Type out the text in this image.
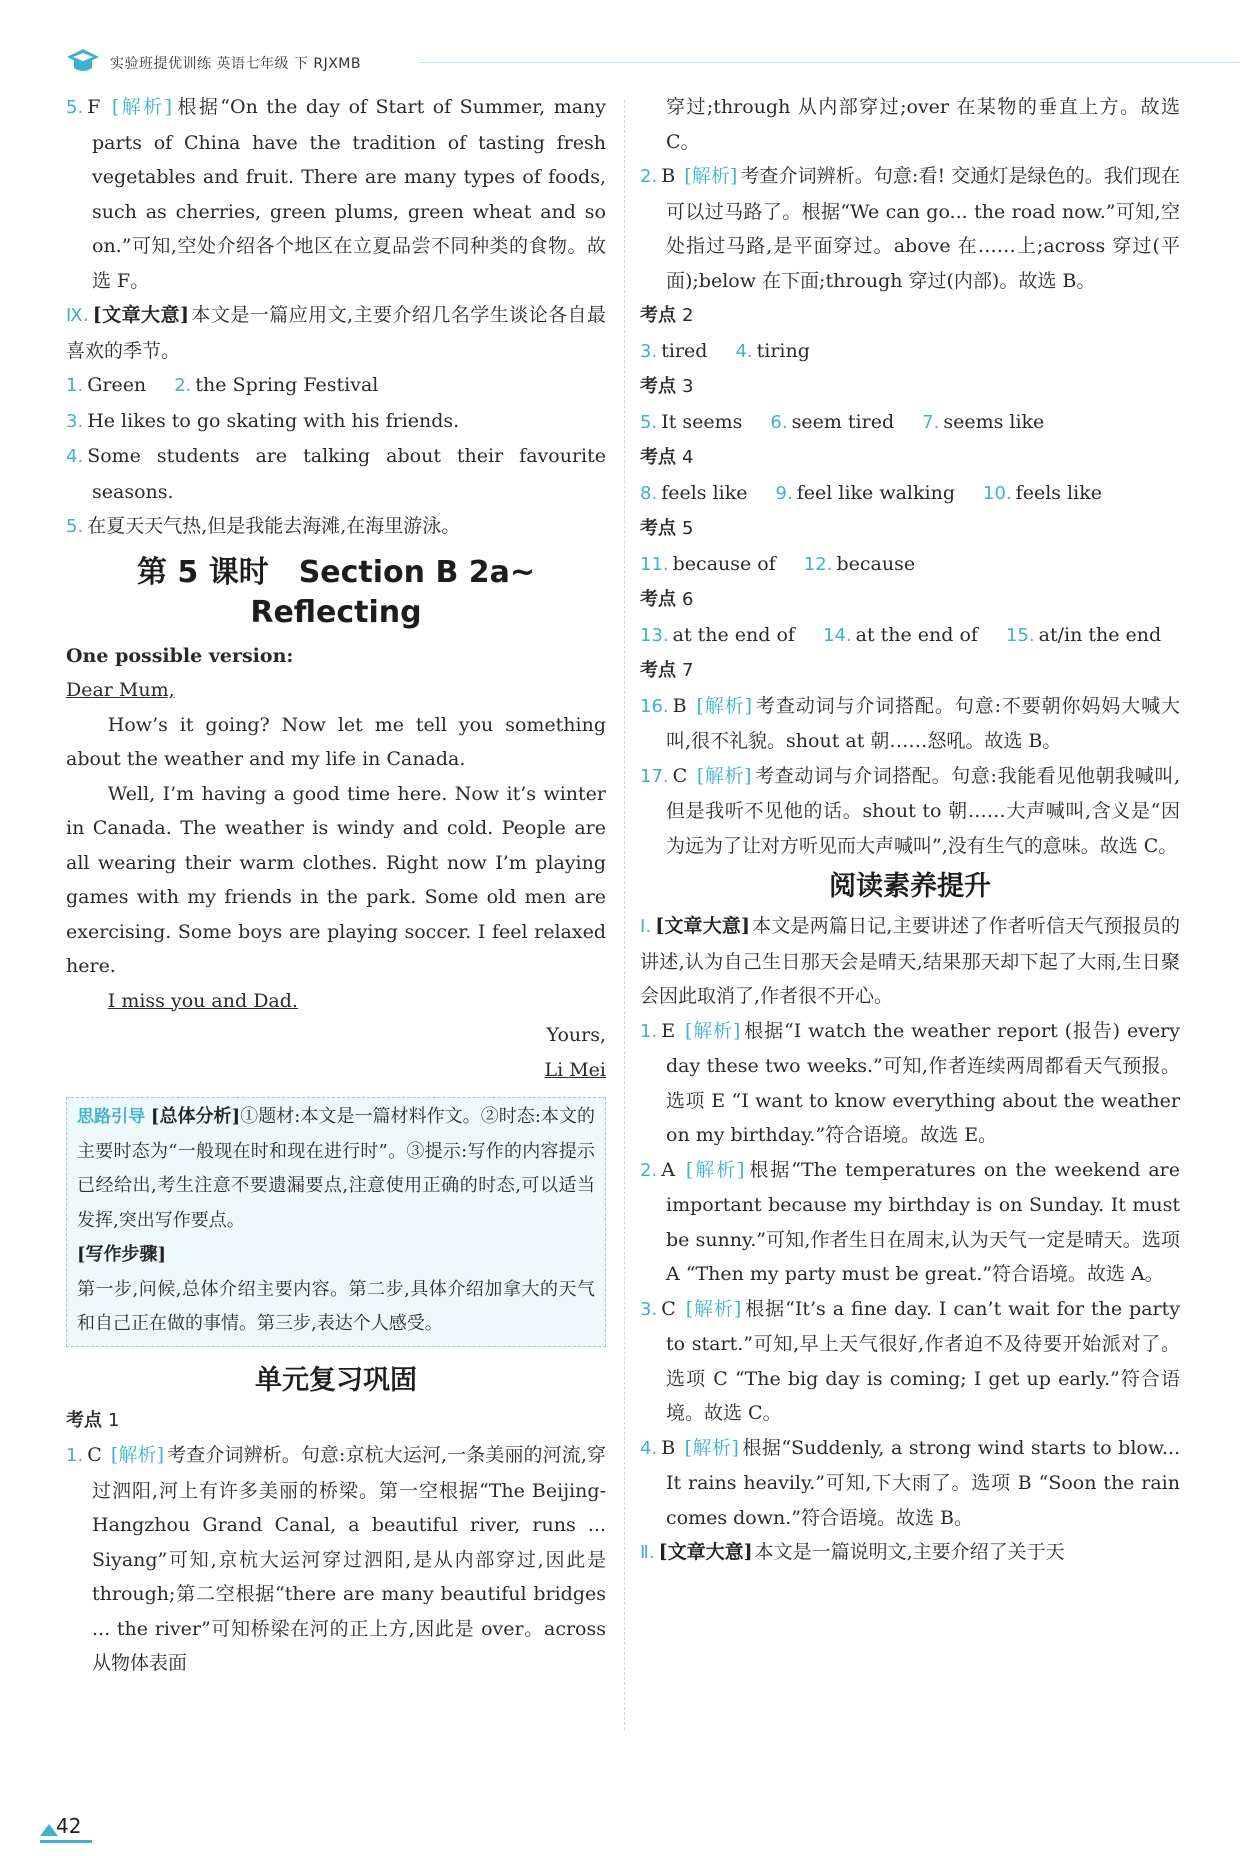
实验班提优训练 英语七年级 下 RJXMB

5. F [解析] 根据“On the day of Start of Summer, many parts of China have the tradition of tasting fresh vegetables and fruit. There are many types of foods, such as cherries, green plums, green wheat and so on.”可知,空处介绍各个地区在立夏品尝不同种类的食物。故选 F。

Ⅸ. [文章大意] 本文是一篇应用文,主要介绍几名学生谈论各自最喜欢的季节。

1. Green 2. the Spring Festival

3. He likes to go skating with his friends.

4. Some students are talking about their favourite seasons.

5. 在夏天天气热,但是我能去海滩,在海里游泳。

第 5 课时　Section B 2a~
Reflecting

One possible version:

Dear Mum,

How’s it going? Now let me tell you something about the weather and my life in Canada.

Well, I’m having a good time here. Now it’s winter in Canada. The weather is windy and cold. People are all wearing their warm clothes. Right now I’m playing games with my friends in the park. Some old men are exercising. Some boys are playing soccer. I feel relaxed here.

I miss you and Dad.

Yours,

Li Mei

思路引导 [总体分析]①题材:本文是一篇材料作文。②时态:本文的主要时态为“一般现在时和现在进行时”。③提示:写作的内容提示已经给出,考生注意不要遗漏要点,注意使用正确的时态,可以适当发挥,突出写作要点。

[写作步骤]
第一步,问候,总体介绍主要内容。第二步,具体介绍加拿大的天气和自己正在做的事情。第三步,表达个人感受。

单元复习巩固

考点 1

1. C [解析] 考查介词辨析。句意:京杭大运河,一条美丽的河流,穿过泗阳,河上有许多美丽的桥梁。第一空根据“The Beijing-Hangzhou Grand Canal, a beautiful river, runs ... Siyang”可知,京杭大运河穿过泗阳,是从内部穿过,因此是 through;第二空根据“there are many beautiful bridges ... the river”可知桥梁在河的正上方,因此是 over。across 从物体表面

穿过;through 从内部穿过;over 在某物的垂直上方。故选 C。

2. B [解析] 考查介词辨析。句意:看! 交通灯是绿色的。我们现在可以过马路了。根据“We can go... the road now.”可知,空处指过马路,是平面穿过。above 在……上;across 穿过(平面);below 在下面;through 穿过(内部)。故选 B。

考点 2

3. tired 4. tiring

考点 3

5. It seems 6. seem tired 7. seems like

考点 4

8. feels like 9. feel like walking 10. feels like

考点 5

11. because of 12. because

考点 6

13. at the end of 14. at the end of 15. at/in the end

考点 7

16. B [解析] 考查动词与介词搭配。句意:不要朝你妈妈大喊大叫,很不礼貌。shout at 朝……怒吼。故选 B。

17. C [解析] 考查动词与介词搭配。句意:我能看见他朝我喊叫,但是我听不见他的话。shout to 朝……大声喊叫,含义是“因为远为了让对方听见而大声喊叫”,没有生气的意味。故选 C。

阅读素养提升

Ⅰ. [文章大意] 本文是两篇日记,主要讲述了作者听信天气预报员的讲述,认为自己生日那天会是晴天,结果那天却下起了大雨,生日聚会因此取消了,作者很不开心。

1. E [解析] 根据“I watch the weather report (报告) every day these two weeks.”可知,作者连续两周都看天气预报。选项 E “I want to know everything about the weather on my birthday.”符合语境。故选 E。

2. A [解析] 根据“The temperatures on the weekend are important because my birthday is on Sunday. It must be sunny.”可知,作者生日在周末,认为天气一定是晴天。选项 A “Then my party must be great.”符合语境。故选 A。

3. C [解析] 根据“It’s a fine day. I can’t wait for the party to start.”可知,早上天气很好,作者迫不及待要开始派对了。选项 C “The big day is coming; I get up early.”符合语境。故选 C。

4. B [解析] 根据“Suddenly, a strong wind starts to blow... It rains heavily.”可知,下大雨了。选项 B “Soon the rain comes down.”符合语境。故选 B。

Ⅱ. [文章大意] 本文是一篇说明文,主要介绍了关于天

42
